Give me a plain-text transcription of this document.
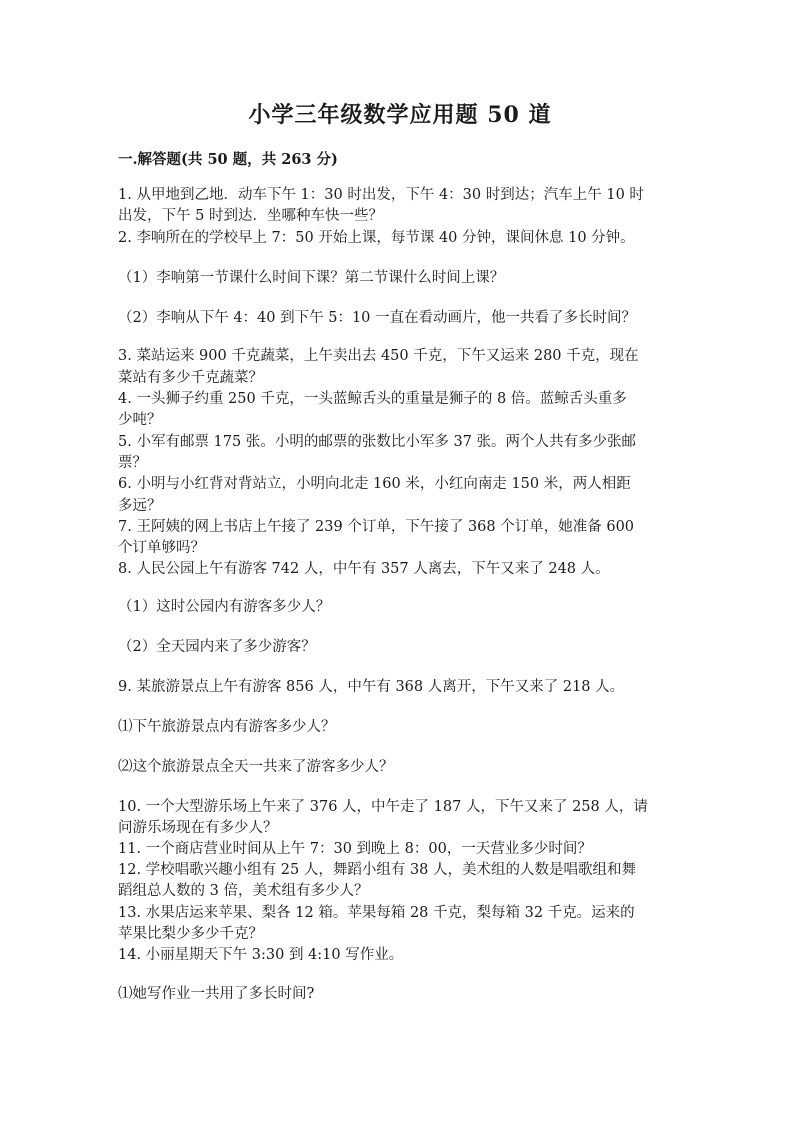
小学三年级数学应用题 50 道
一.解答题(共 50 题，共 263 分)
1. 从甲地到乙地．动车下午 1：30 时出发，下午 4：30 时到达；汽车上午 10 时
出发，下午 5 时到达．坐哪种车快一些？
2. 李响所在的学校早上 7：50 开始上课，每节课 40 分钟，课间休息 10 分钟。
（1）李响第一节课什么时间下课？第二节课什么时间上课？
（2）李响从下午 4：40 到下午 5：10 一直在看动画片，他一共看了多长时间？
3. 菜站运来 900 千克蔬菜，上午卖出去 450 千克，下午又运来 280 千克，现在
菜站有多少千克蔬菜？
4. 一头狮子约重 250 千克，一头蓝鲸舌头的重量是狮子的 8 倍。蓝鲸舌头重多
少吨？
5. 小军有邮票 175 张。小明的邮票的张数比小军多 37 张。两个人共有多少张邮
票？
6. 小明与小红背对背站立，小明向北走 160 米，小红向南走 150 米，两人相距
多远？
7. 王阿姨的网上书店上午接了 239 个订单，下午接了 368 个订单，她准备 600
个订单够吗？
8. 人民公园上午有游客 742 人，中午有 357 人离去，下午又来了 248 人。
（1）这时公园内有游客多少人？
（2）全天园内来了多少游客？
9. 某旅游景点上午有游客 856 人，中午有 368 人离开，下午又来了 218 人。
⑴下午旅游景点内有游客多少人？
⑵这个旅游景点全天一共来了游客多少人？
10. 一个大型游乐场上午来了 376 人，中午走了 187 人，下午又来了 258 人，请
问游乐场现在有多少人？
11. 一个商店营业时间从上午 7：30 到晚上 8：00，一天营业多少时间？
12. 学校唱歌兴趣小组有 25 人，舞蹈小组有 38 人，美术组的人数是唱歌组和舞
蹈组总人数的 3 倍，美术组有多少人？
13. 水果店运来苹果、梨各 12 箱。苹果每箱 28 千克，梨每箱 32 千克。运来的
苹果比梨少多少千克？
14. 小丽星期天下午 3:30 到 4:10 写作业。
⑴她写作业一共用了多长时间?
